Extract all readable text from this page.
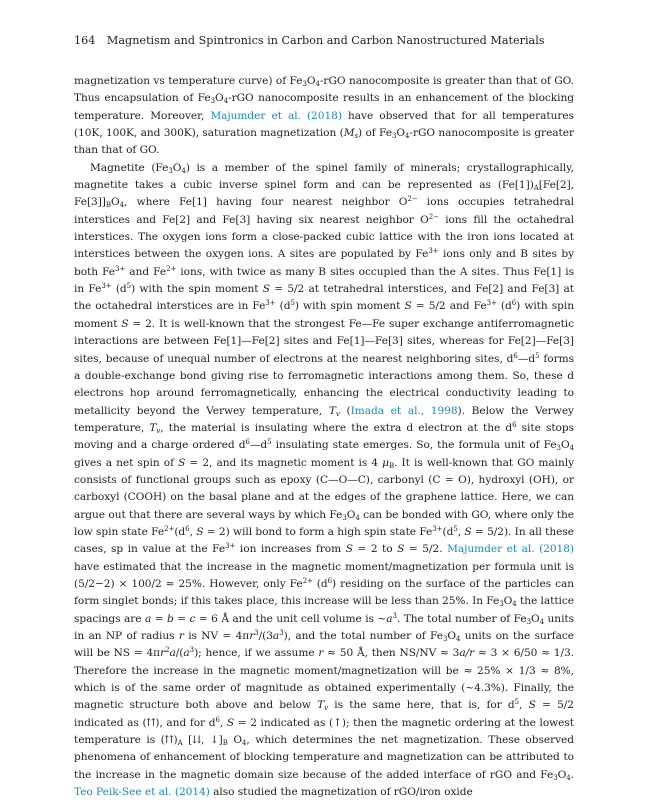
164 Magnetism and Spintronics in Carbon and Carbon Nanostructured Materials

magnetization vs temperature curve) of $Fe_3O_4$-rGO nanocomposite is greater than that of GO. Thus encapsulation of $Fe_3O_4$-rGO nanocomposite results in an enhancement of the blocking temperature. Moreover, Majumder et al. (2018) have observed that for all temperatures (10K, 100K, and 300K), saturation magnetization $(M_s)$ of $Fe_3O_4$-rGO nanocomposite is greater than that of GO.

Magnetite $(Fe_3O_4)$ is a member of the spinel family of minerals; crystallographically, magnetite takes a cubic inverse spinel form and can be represented as $(Fe[1])_A[Fe[2]$, $Fe[3]]_BO_4$, where Fe[1] having four nearest neighbor $O^{2-}$ ions occupies tetrahedral interstices and Fe[2] and Fe[3] having six nearest neighbor $O^{2-}$ ions fill the octahedral interstices. The oxygen ions form a close-packed cubic lattice with the iron ions located at interstices between the oxygen ions. A sites are populated by $Fe^{3+}$ ions only and B sites by both $Fe^{3+}$ and $Fe^{2+}$ ions, with twice as many B sites occupied than the A sites. Thus Fe[1] is in $Fe^{3+}$ $(d^5)$ with the spin moment S = 5/2 at tetrahedral interstices, and Fe[2] and Fe[3] at the octahedral interstices are in $Fe^{3+}$ $(d^5)$ with spin moment S = 5/2 and $Fe^{3+}$ $(d^6)$ with spin moment S = 2. It is well-known that the strongest Fe—Fe super exchange antiferromagnetic interactions are between Fe[1]—Fe[2] sites and Fe[1]—Fe[3] sites, whereas for Fe[2]—Fe[3] sites, because of unequal number of electrons at the nearest neighboring sites, $d^6—d^5$ forms a double-exchange bond giving rise to ferromagnetic interactions among them. So, these d electrons hop around ferromagnetically, enhancing the electrical conductivity leading to metallicity beyond the Verwey temperature, $T_v$ (Imada et al., 1998). Below the Verwey temperature, $T_v$, the material is insulating where the extra d electron at the $d^6$ site stops moving and a charge ordered $d^6—d^5$ insulating state emerges. So, the formula unit of $Fe_3O_4$ gives a net spin of S = 2, and its magnetic moment is 4 $\mu_B$. It is well-known that GO mainly consists of functional groups such as epoxy (C—O—C), carbonyl (C = O), hydroxyl (OH), or carboxyl (COOH) on the basal plane and at the edges of the graphene lattice. Here, we can argue out that there are several ways by which $Fe_3O_4$ can be bonded with GO, where only the low spin state $Fe^{2+}(d^6$, S = 2) will bond to form a high spin state $Fe^{3+}(d^5$, S = 5/2). In all these cases, sp in value at the $Fe^{3+}$ ion increases from S = 2 to S = 5/2. Majumder et al. (2018) have estimated that the increase in the magnetic moment/magnetization per formula unit is (5/2−2) × 100/2 ≈ 25%. However, only $Fe^{2+}$ $(d^6)$ residing on the surface of the particles can form singlet bonds; if this takes place, this increase will be less than 25%. In $Fe_3O_4$ the lattice spacings are a = b = c = 6 Å and the unit cell volume is $\sim a^3$. The total number of $Fe_3O_4$ units in an NP of radius r is NV = $4\pi r^3/(3a^3)$, and the total number of $Fe_3O_4$ units on the surface will be NS = $4\pi r^2a/(a^3)$; hence, if we assume r ≈ 50 Å, then NS/NV ≈ 3a/r ≈ 3 × 6/50 ≈ 1/3. Therefore the increase in the magnetic moment/magnetization will be ≈ 25% × 1/3 ≈ 8%, which is of the same order of magnitude as obtained experimentally (~4.3%). Finally, the magnetic structure both above and below $T_v$ is the same here, that is, for $d^5$, S = 5/2 indicated as (⇈), and for $d^6$, S = 2 indicated as (↑); then the magnetic ordering at the lowest temperature is $(⇈)_A$ [⇊, $↓]_B$ $O_4$, which determines the net magnetization. These observed phenomena of enhancement of blocking temperature and magnetization can be attributed to the increase in the magnetic domain size because of the added interface of rGO and $Fe_3O_4$. Teo Peik-See et al. (2014) also studied the magnetization of rGO/iron oxide
